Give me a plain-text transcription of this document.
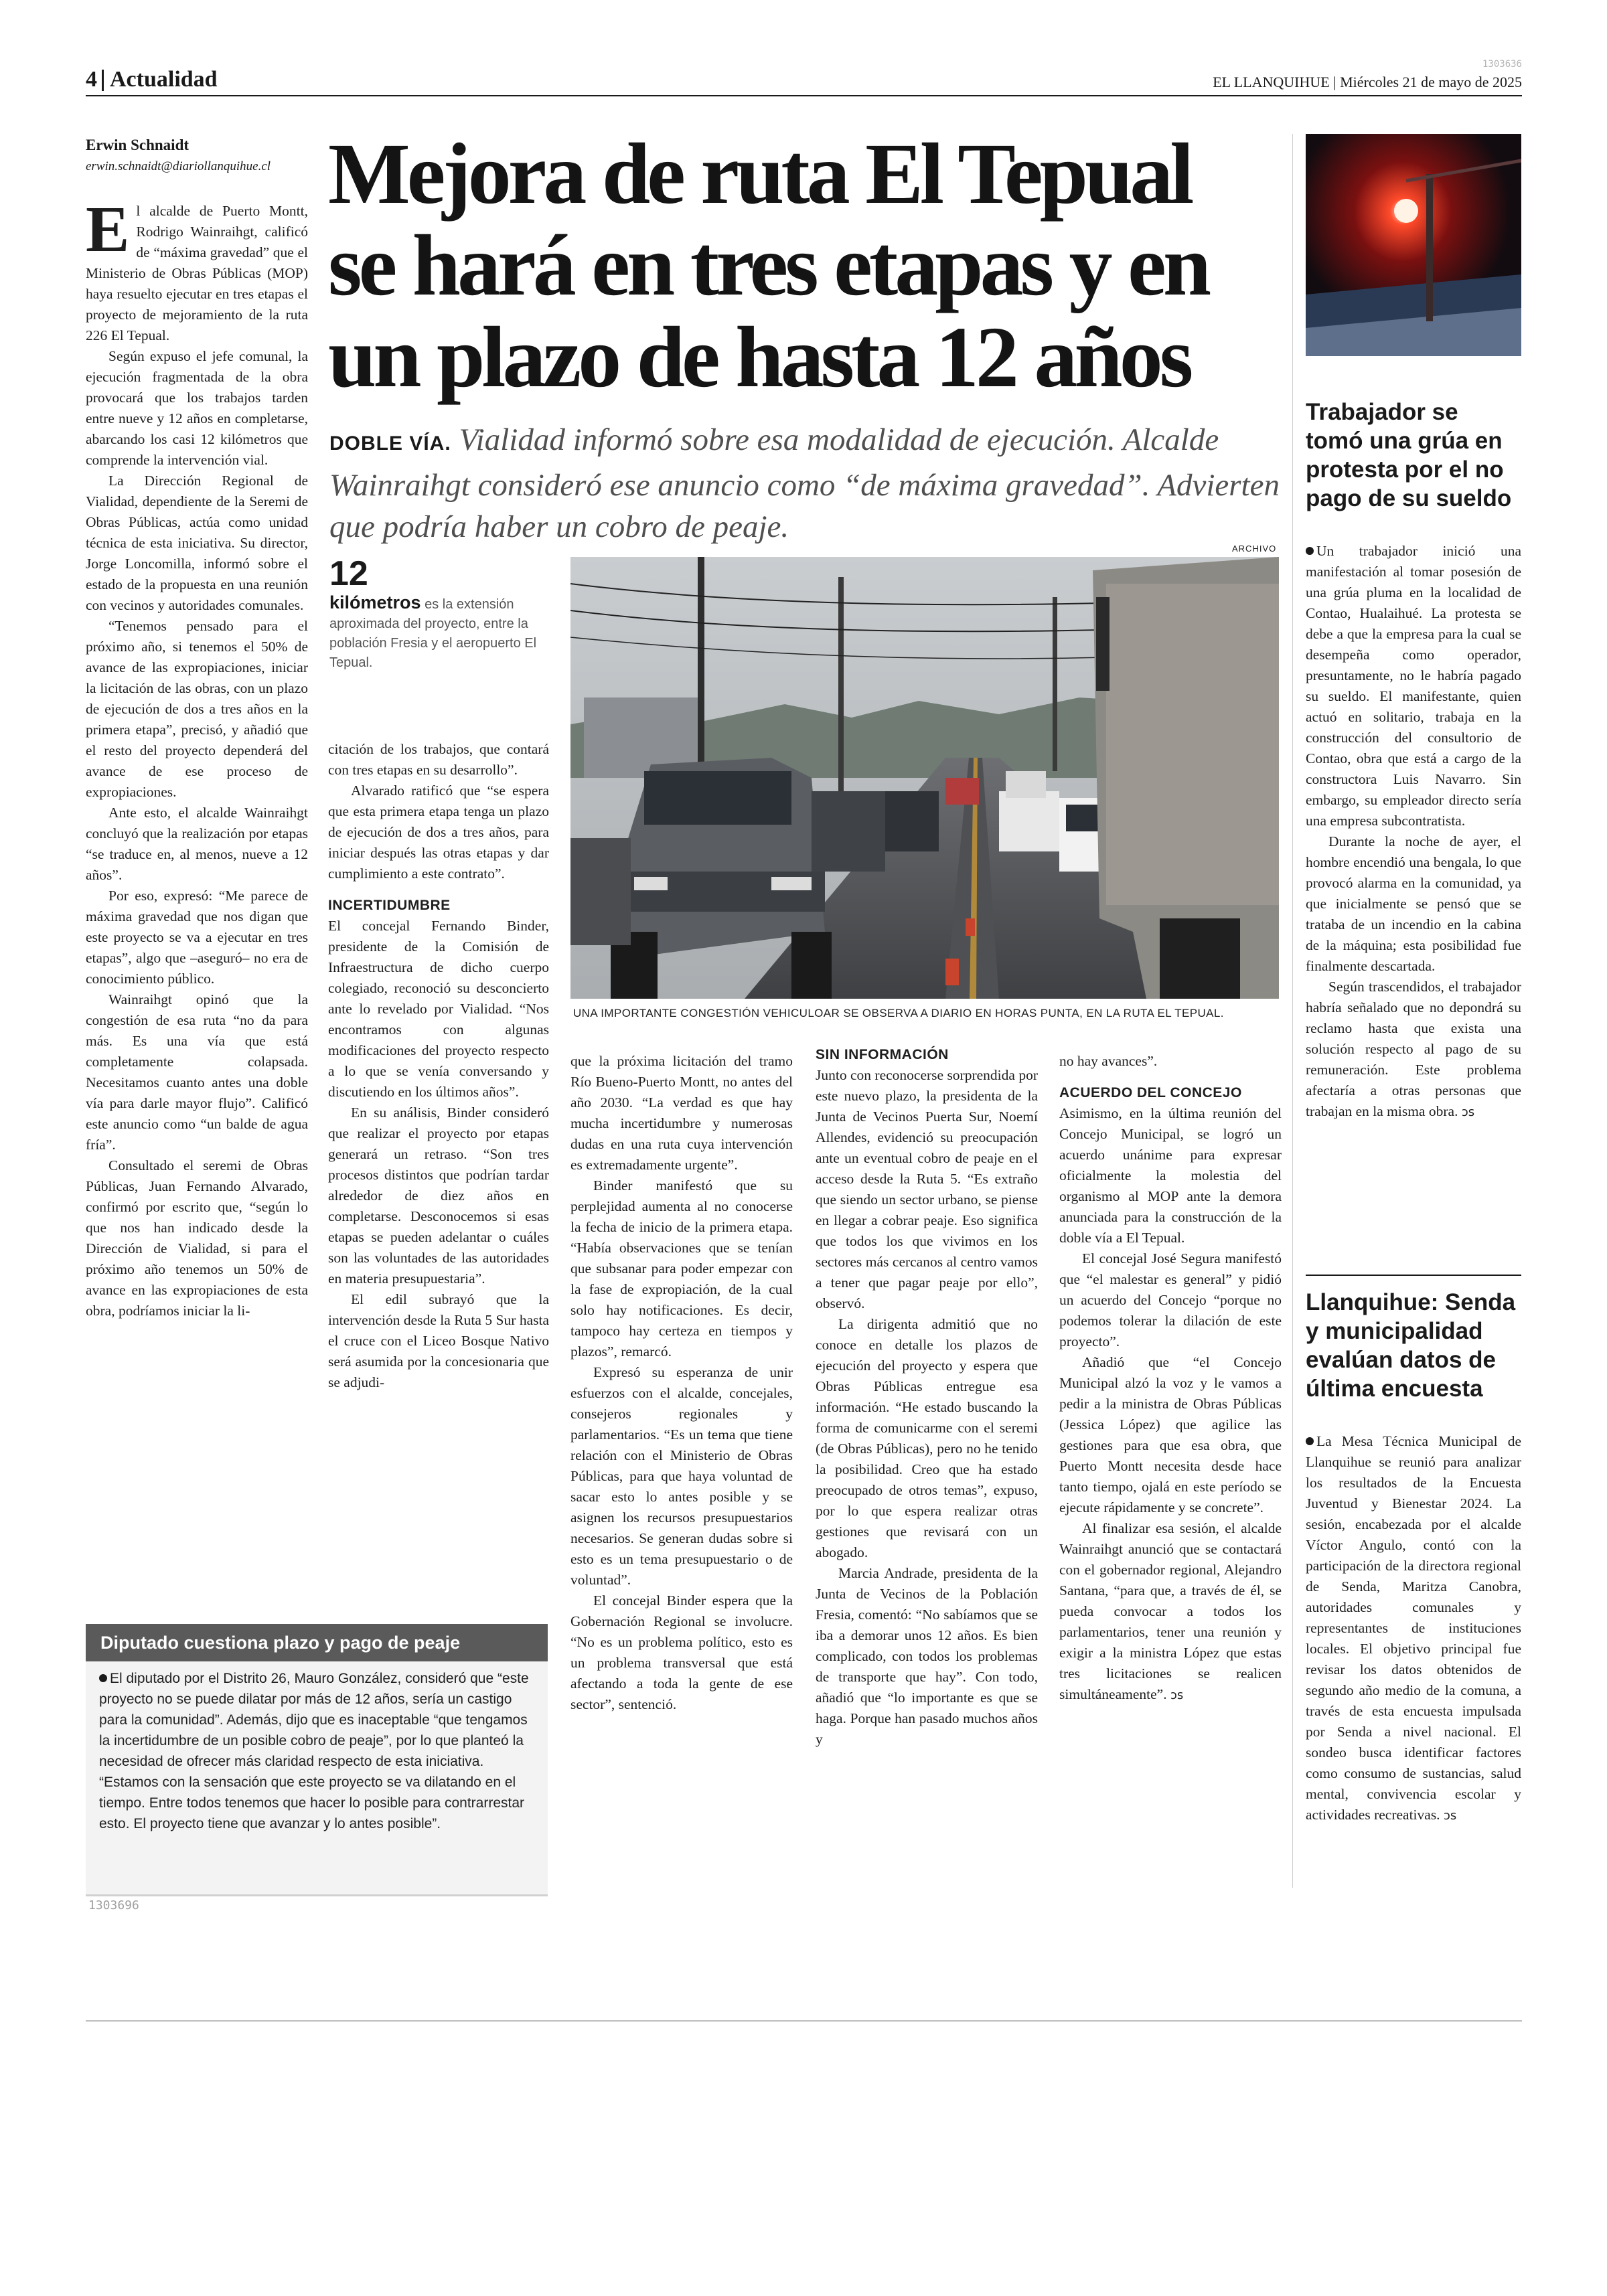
4 Actualidad
1303636
EL LLANQUIHUE | Miércoles 21 de mayo de 2025
Erwin Schnaidt
erwin.schnaidt@diariollanquihue.cl Mejora de ruta El Tepual
se hará en tres etapas y en
un plazo de hasta 12 años
DOBLE VÍA. Vialidad informó sobre esa modalidad de ejecución. Alcalde Wainraihgt consideró ese anuncio como “de máxima gravedad”. Advierten que podría haber un cobro de peaje.

El alcalde de Puerto Montt, Rodrigo Wainraihgt, calificó de “máxima gravedad” que el Ministerio de Obras Públicas (MOP) haya resuelto ejecutar en tres etapas el proyecto de mejoramiento de la ruta 226 El Tepual.

Según expuso el jefe comunal, la ejecución fragmentada de la obra provocará que los trabajos tarden entre nueve y 12 años en completarse, abarcando los casi 12 kilómetros que comprende la intervención vial.

La Dirección Regional de Vialidad, dependiente de la Seremi de Obras Públicas, actúa como unidad técnica de esta iniciativa. Su director, Jorge Loncomilla, informó sobre el estado de la propuesta en una reunión con vecinos y autoridades comunales.

“Tenemos pensado para el próximo año, si tenemos el 50% de avance de las expropiaciones, iniciar la licitación de las obras, con un plazo de ejecución de dos a tres años en la primera etapa”, precisó, y añadió que el resto del proyecto dependerá del avance de ese proceso de expropiaciones.

Ante esto, el alcalde Wainraihgt concluyó que la realización por etapas “se traduce en, al menos, nueve a 12 años”.

Por eso, expresó: “Me parece de máxima gravedad que nos digan que este proyecto se va a ejecutar en tres etapas”, algo que –aseguró– no era de conocimiento público.

Wainraihgt opinó que la congestión de esa ruta “no da para más. Es una vía que está completamente colapsada. Necesitamos cuanto antes una doble vía para darle mayor flujo”. Calificó este anuncio como “un balde de agua fría”.

Consultado el seremi de Obras Públicas, Juan Fernando Alvarado, confirmó por escrito que, “según lo que nos han indicado desde la Dirección de Vialidad, si para el próximo año tenemos un 50% de avance en las expropiaciones de esta obra, podríamos iniciar la li-

12
kilómetros es la extensión aproximada del proyecto, entre la población Fresia y el aeropuerto El Tepual.
ARCHIVO
UNA IMPORTANTE CONGESTIÓN VEHICULOAR SE OBSERVA A DIARIO EN HORAS PUNTA, EN LA RUTA EL TEPUAL.

citación de los trabajos, que contará con tres etapas en su desarrollo”.

Alvarado ratificó que “se espera que esta primera etapa tenga un plazo de ejecución de dos a tres años, para iniciar después las otras etapas y dar cumplimiento a este contrato”.

INCERTIDUMBRE

El concejal Fernando Binder, presidente de la Comisión de Infraestructura de dicho cuerpo colegiado, reconoció su desconcierto ante lo revelado por Vialidad. “Nos encontramos con algunas modificaciones del proyecto respecto a lo que se venía conversando y discutiendo en los últimos años”.

En su análisis, Binder consideró que realizar el proyecto por etapas generará un retraso. “Son tres procesos distintos que podrían tardar alrededor de diez años en completarse. Desconocemos si esas etapas se pueden adelantar o cuáles son las voluntades de las autoridades en materia presupuestaria”.

El edil subrayó que la intervención desde la Ruta 5 Sur hasta el cruce con el Liceo Bosque Nativo será asumida por la concesionaria que se adjudi-

que la próxima licitación del tramo Río Bueno-Puerto Montt, no antes del año 2030. “La verdad es que hay mucha incertidumbre y numerosas dudas en una ruta cuya intervención es extremadamente urgente”.

Binder manifestó que su perplejidad aumenta al no conocerse la fecha de inicio de la primera etapa. “Había observaciones que se tenían que subsanar para poder empezar con la fase de expropiación, de la cual solo hay notificaciones. Es decir, tampoco hay certeza en tiempos y plazos”, remarcó.

Expresó su esperanza de unir esfuerzos con el alcalde, concejales, consejeros regionales y parlamentarios. “Es un tema que tiene relación con el Ministerio de Obras Públicas, para que haya voluntad de sacar esto lo antes posible y se asignen los recursos presupuestarios necesarios. Se generan dudas sobre si esto es un tema presupuestario o de voluntad”.

El concejal Binder espera que la Gobernación Regional se involucre. “No es un problema político, esto es un problema transversal que está afectando a toda la gente de ese sector”, sentenció.

SIN INFORMACIÓN

Junto con reconocerse sorprendida por este nuevo plazo, la presidenta de la Junta de Vecinos Puerta Sur, Noemí Allendes, evidenció su preocupación ante un eventual cobro de peaje en el acceso desde la Ruta 5. “Es extraño que siendo un sector urbano, se piense en llegar a cobrar peaje. Eso significa que todos los que vivimos en los sectores más cercanos al centro vamos a tener que pagar peaje por ello”, observó.

La dirigenta admitió que no conoce en detalle los plazos de ejecución del proyecto y espera que Obras Públicas entregue esa información. “He estado buscando la forma de comunicarme con el seremi (de Obras Públicas), pero no he tenido la posibilidad. Creo que ha estado preocupado de otros temas”, expuso, por lo que espera realizar otras gestiones que revisará con un abogado.

Marcia Andrade, presidenta de la Junta de Vecinos de la Población Fresia, comentó: “No sabíamos que se iba a demorar unos 12 años. Es bien complicado, con todos los problemas de transporte que hay”. Con todo, añadió que “lo importante es que se haga. Porque han pasado muchos años y

no hay avances”.

ACUERDO DEL CONCEJO

Asimismo, en la última reunión del Concejo Municipal, se logró un acuerdo unánime para expresar oficialmente la molestia del organismo al MOP ante la demora anunciada para la construcción de la doble vía a El Tepual.

El concejal José Segura manifestó que “el malestar es general” y pidió un acuerdo del Concejo “porque no podemos tolerar la dilación de este proyecto”.

Añadió que “el Concejo Municipal alzó la voz y le vamos a pedir a la ministra de Obras Públicas (Jessica López) que agilice las gestiones para que esa obra, que Puerto Montt necesita desde hace tanto tiempo, ojalá en este período se ejecute rápidamente y se concrete”.

Al finalizar esa sesión, el alcalde Wainraihgt anunció que se contactará con el gobernador regional, Alejandro Santana, “para que, a través de él, se pueda convocar a todos los parlamentarios, tener una reunión y exigir a la ministra López que estas tres licitaciones se realicen simultáneamente”. ↄs

Diputado cuestiona plazo y pago de peaje
El diputado por el Distrito 26, Mauro González, consideró que “este proyecto no se puede dilatar por más de 12 años, sería un castigo para la comunidad”. Además, dijo que es inaceptable “que tengamos la incertidumbre de un posible cobro de peaje”, por lo que planteó la necesidad de ofrecer más claridad respecto de esta iniciativa. “Estamos con la sensación que este proyecto se va dilatando en el tiempo. Entre todos tenemos que hacer lo posible para contrarrestar esto. El proyecto tiene que avanzar y lo antes posible”.
1303696
Trabajador se tomó una grúa en protesta por el no pago de su sueldo

Un trabajador inició una manifestación al tomar posesión de una grúa pluma en la localidad de Contao, Hualaihué. La protesta se debe a que la empresa para la cual se desempeña como operador, presuntamente, no le habría pagado su sueldo. El manifestante, quien actuó en solitario, trabaja en la construcción del consultorio de Contao, obra que está a cargo de la constructora Luis Navarro. Sin embargo, su empleador directo sería una empresa subcontratista.

Durante la noche de ayer, el hombre encendió una bengala, lo que provocó alarma en la comunidad, ya que inicialmente se pensó que se trataba de un incendio en la cabina de la máquina; esta posibilidad fue finalmente descartada.

Según trascendidos, el trabajador habría señalado que no depondrá su reclamo hasta que exista una solución respecto al pago de su remuneración. Este problema afectaría a otras personas que trabajan en la misma obra. ↄs

Llanquihue: Senda y municipalidad evalúan datos de última encuesta

La Mesa Técnica Municipal de Llanquihue se reunió para analizar los resultados de la Encuesta Juventud y Bienestar 2024. La sesión, encabezada por el alcalde Víctor Angulo, contó con la participación de la directora regional de Senda, Maritza Canobra, autoridades comunales y representantes de instituciones locales. El objetivo principal fue revisar los datos obtenidos de segundo año medio de la comuna, a través de esta encuesta impulsada por Senda a nivel nacional. El sondeo busca identificar factores como consumo de sustancias, salud mental, convivencia escolar y actividades recreativas. ↄs
